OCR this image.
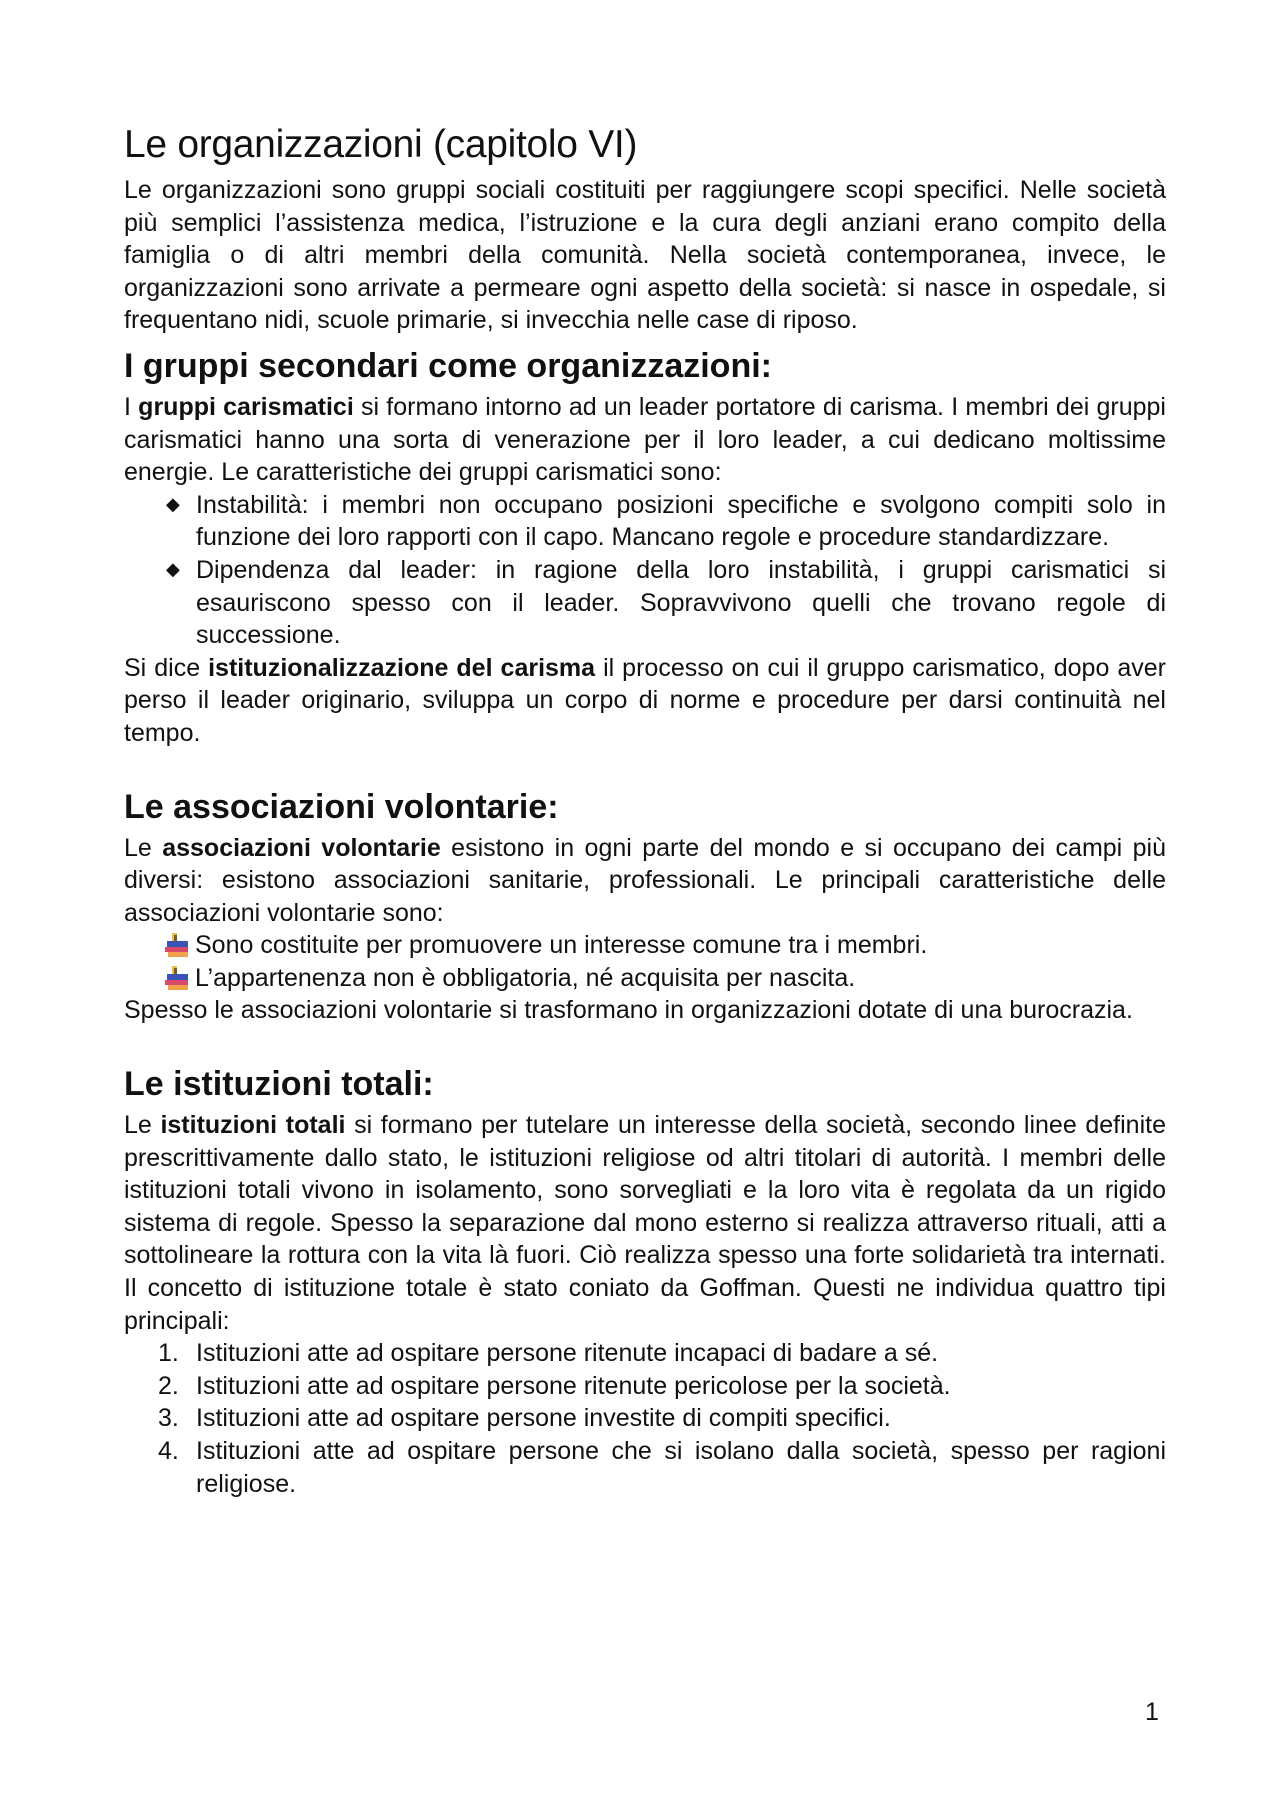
Le organizzazioni (capitolo VI)

Le organizzazioni sono gruppi sociali costituiti per raggiungere scopi specifici. Nelle società più semplici l’assistenza medica, l’istruzione e la cura degli anziani erano compito della famiglia o di altri membri della comunità. Nella società contemporanea, invece, le organizzazioni sono arrivate a permeare ogni aspetto della società: si nasce in ospedale, si frequentano nidi, scuole primarie, si invecchia nelle case di riposo.

I gruppi secondari come organizzazioni:

I gruppi carismatici si formano intorno ad un leader portatore di carisma. I membri dei gruppi carismatici hanno una sorta di venerazione per il loro leader, a cui dedicano moltissime energie. Le caratteristiche dei gruppi carismatici sono:

◆ Instabilità: i membri non occupano posizioni specifiche e svolgono compiti solo in funzione dei loro rapporti con il capo. Mancano regole e procedure standardizzare.
◆ Dipendenza dal leader: in ragione della loro instabilità, i gruppi carismatici si esauriscono spesso con il leader. Sopravvivono quelli che trovano regole di successione.

Si dice istituzionalizzazione del carisma il processo on cui il gruppo carismatico, dopo aver perso il leader originario, sviluppa un corpo di norme e procedure per darsi continuità nel tempo.

Le associazioni volontarie:

Le associazioni volontarie esistono in ogni parte del mondo e si occupano dei campi più diversi: esistono associazioni sanitarie, professionali. Le principali caratteristiche delle associazioni volontarie sono:

Sono costituite per promuovere un interesse comune tra i membri.
L’appartenenza non è obbligatoria, né acquisita per nascita.

Spesso le associazioni volontarie si trasformano in organizzazioni dotate di una burocrazia.

Le istituzioni totali:

Le istituzioni totali si formano per tutelare un interesse della società, secondo linee definite prescrittivamente dallo stato, le istituzioni religiose od altri titolari di autorità. I membri delle istituzioni totali vivono in isolamento, sono sorvegliati e la loro vita è regolata da un rigido sistema di regole. Spesso la separazione dal mono esterno si realizza attraverso rituali, atti a sottolineare la rottura con la vita là fuori. Ciò realizza spesso una forte solidarietà tra internati. Il concetto di istituzione totale è stato coniato da Goffman. Questi ne individua quattro tipi principali:

1. Istituzioni atte ad ospitare persone ritenute incapaci di badare a sé.
2. Istituzioni atte ad ospitare persone ritenute pericolose per la società.
3. Istituzioni atte ad ospitare persone investite di compiti specifici.
4. Istituzioni atte ad ospitare persone che si isolano dalla società, spesso per ragioni religiose.
1
